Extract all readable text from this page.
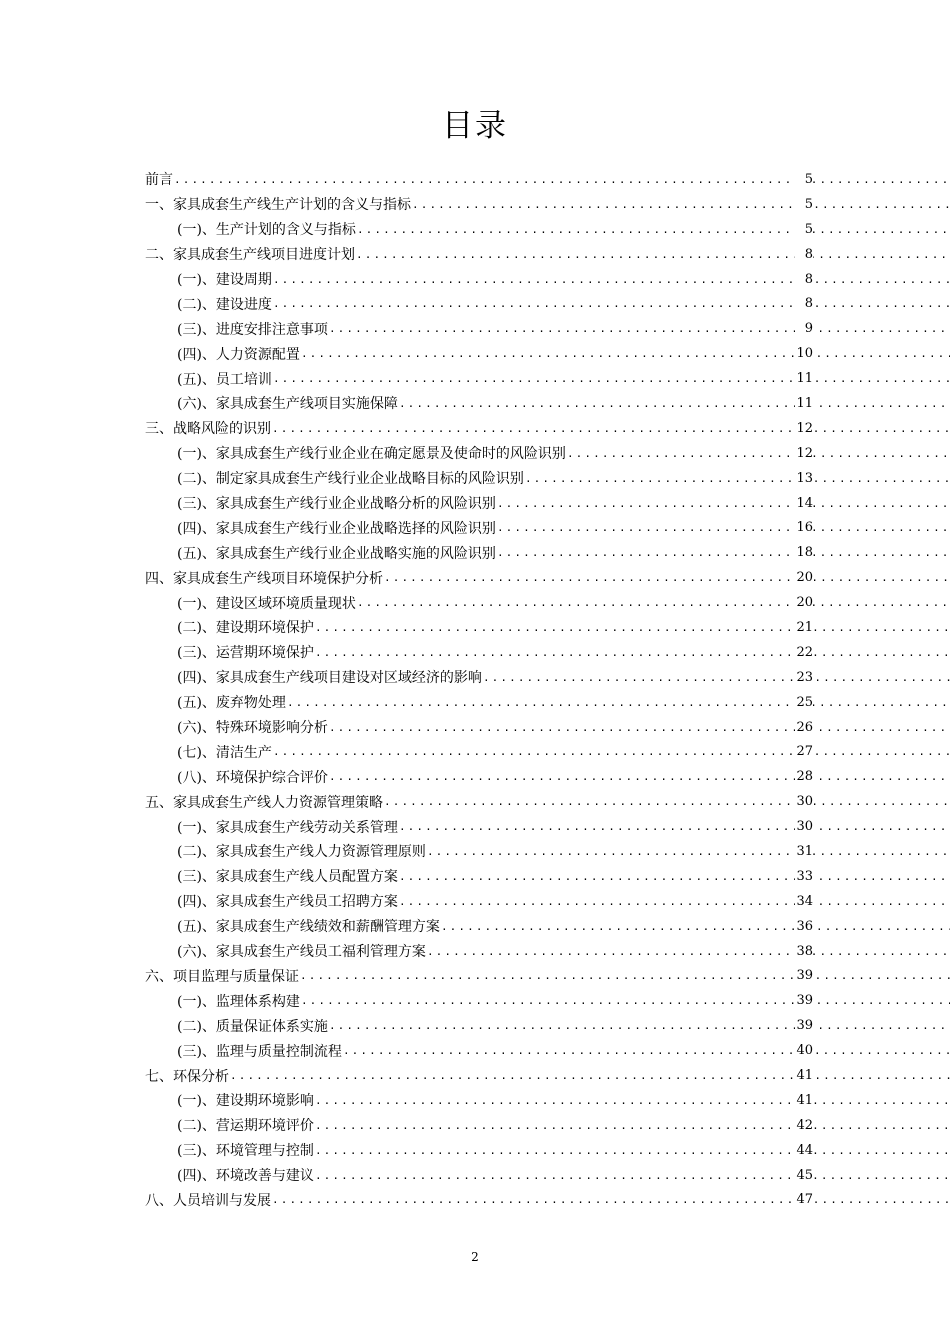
目录
前言 .....	5
一、家具成套生产线生产计划的含义与指标 .....	5
(一)、生产计划的含义与指标 .....	5
二、家具成套生产线项目进度计划 .....	8
(一)、建设周期 .....	8
(二)、建设进度 .....	8
(三)、进度安排注意事项 .....	9
(四)、人力资源配置 .....	10
(五)、员工培训 .....	11
(六)、家具成套生产线项目实施保障 .....	11
三、战略风险的识别 .....	12
(一)、家具成套生产线行业企业在确定愿景及使命时的风险识别 .....	12
(二)、制定家具成套生产线行业企业战略目标的风险识别 .....	13
(三)、家具成套生产线行业企业战略分析的风险识别 .....	14
(四)、家具成套生产线行业企业战略选择的风险识别 .....	16
(五)、家具成套生产线行业企业战略实施的风险识别 .....	18
四、家具成套生产线项目环境保护分析 .....	20
(一)、建设区域环境质量现状 .....	20
(二)、建设期环境保护 .....	21
(三)、运营期环境保护 .....	22
(四)、家具成套生产线项目建设对区域经济的影响 .....	23
(五)、废弃物处理 .....	25
(六)、特殊环境影响分析 .....	26
(七)、清洁生产 .....	27
(八)、环境保护综合评价 .....	28
五、家具成套生产线人力资源管理策略 .....	30
(一)、家具成套生产线劳动关系管理 .....	30
(二)、家具成套生产线人力资源管理原则 .....	31
(三)、家具成套生产线人员配置方案 .....	33
(四)、家具成套生产线员工招聘方案 .....	34
(五)、家具成套生产线绩效和薪酬管理方案 .....	36
(六)、家具成套生产线员工福利管理方案 .....	38
六、项目监理与质量保证 .....	39
(一)、监理体系构建 .....	39
(二)、质量保证体系实施 .....	39
(三)、监理与质量控制流程 .....	40
七、环保分析 .....	41
(一)、建设期环境影响 .....	41
(二)、营运期环境评价 .....	42
(三)、环境管理与控制 .....	44
(四)、环境改善与建议 .....	45
八、人员培训与发展 .....	47
2
